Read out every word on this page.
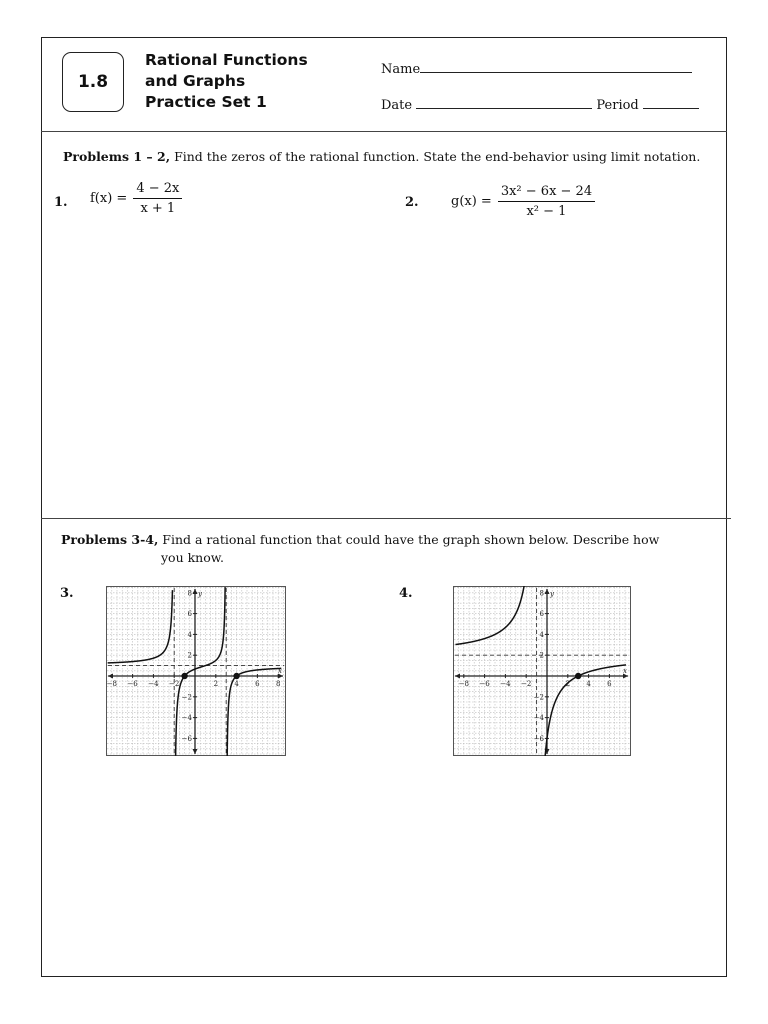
1.8
Rational Functions
and Graphs
Practice Set 1
Name
Date	Period
Problems 1 – 2, Find the zeros of the rational function. State the end-behavior using limit notation.
1. $f(x) = \frac{4 - 2x}{x + 1}$	2. $g(x) = \frac{\text{3x² − 6x − 24}}{\text{x² − 1}}$
Problems 3-4, Find a rational function that could have the graph shown below. Describe how
you know.
3.	4.
−8 −6 −4 −2	2 4 6 8
8
6
4
2
−2
−4
−6
x
y
−8 −6 −4 −2	2 4 6
8
6
4
2
−2
−4
−6
x
y
